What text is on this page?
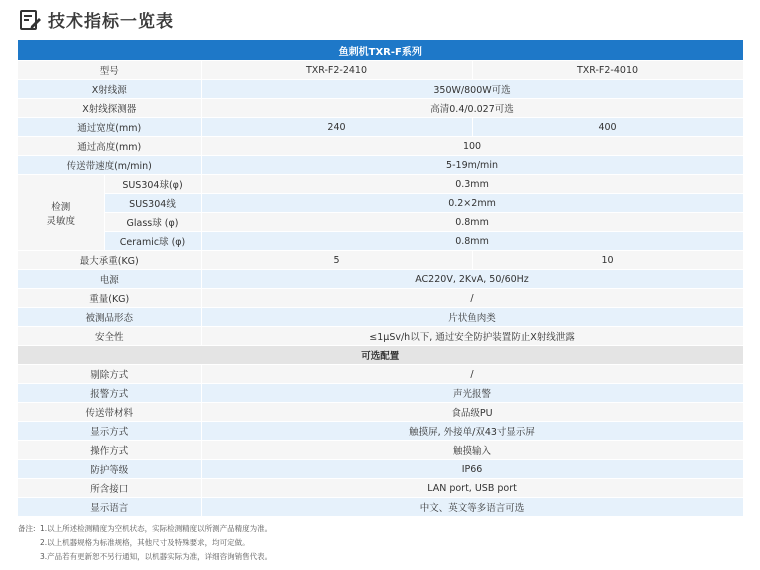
技术指标一览表
鱼刺机TXR-F系列			
型号		TXR-F2-2410	TXR-F2-4010
X射线源		350W/800W可选	
X射线探测器		高清0.4/0.027可选	
通过宽度(mm)		240	400
通过高度(mm)		100	
传送带速度(m/min)		5-19m/min	

检测
灵敏度	SUS304球(φ)	0.3mm	
	SUS304线	0.2×2mm	
	Glass球 (φ)	0.8mm	
	Ceramic球 (φ)	0.8mm	
最大承重(KG)		5	10
电源		AC220V, 2KvA, 50/60Hz	
重量(KG)		/	
被测品形态		片状鱼肉类	
安全性		≤1μSv/h以下, 通过安全防护装置防止X射线泄露	
可选配置			
剔除方式		/	
报警方式		声光报警	
传送带材料		食品级PU	
显示方式		触摸屏, 外接单/双43寸显示屏	
操作方式		触摸输入	
防护等级		IP66	
所含接口		LAN port, USB port	
显示语言		中文、英文等多语言可选	
备注: 1.以上所述检测精度为空机状态，实际检测精度以所测产品精度为准。
2.以上机器规格为标准规格，其他尺寸及特殊要求，均可定做。
3.产品若有更新恕不另行通知，以机器实际为准，详细咨询销售代表。
